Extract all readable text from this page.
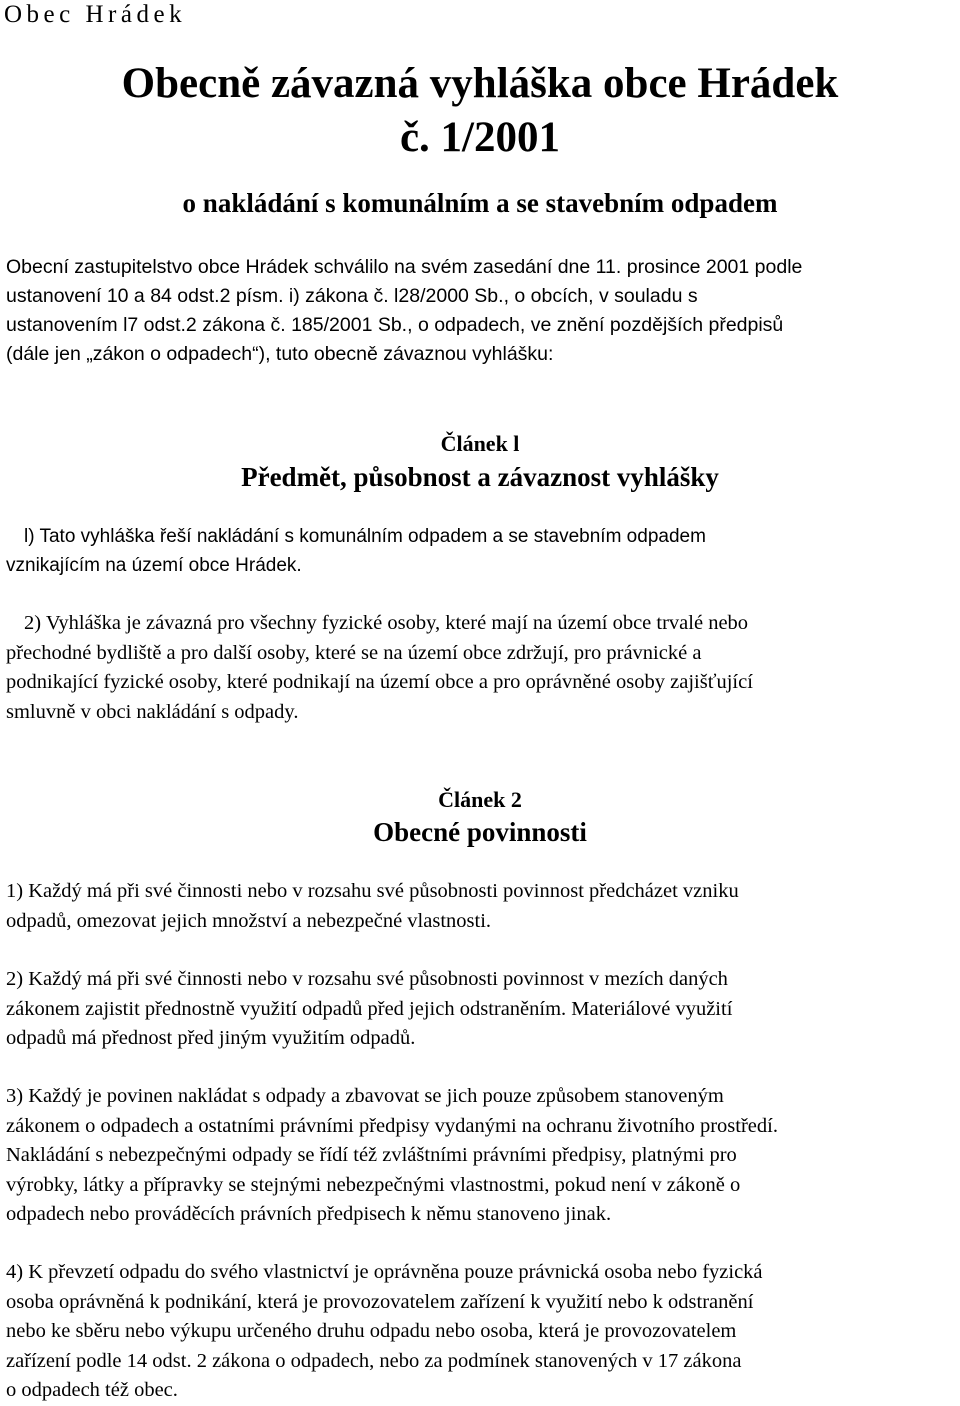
Obec Hrádek
Obecně závazná vyhláška obce Hrádek
č. 1/2001
o nakládání s komunálním a se stavebním odpadem
Obecní zastupitelstvo obce Hrádek schválilo na svém zasedání dne 11. prosince 2001 podle
ustanovení 10 a 84 odst.2 písm. i) zákona č. l28/2000 Sb., o obcích, v souladu s
ustanovením l7 odst.2 zákona č. 185/2001 Sb., o odpadech, ve znění pozdějších předpisů
(dále jen „zákon o odpadech“), tuto obecně závaznou vyhlášku:
Článek l
Předmět, působnost a závaznost vyhlášky
l) Tato vyhláška řeší nakládání s komunálním odpadem a se stavebním odpadem
vznikajícím na území obce Hrádek.
2) Vyhláška je závazná pro všechny fyzické osoby, které mají na území obce trvalé nebo
přechodné bydliště a pro další osoby, které se na území obce zdržují, pro právnické a
podnikající fyzické osoby, které podnikají na území obce a pro oprávněné osoby zajišťující
smluvně v obci nakládání s odpady.
Článek 2
Obecné povinnosti
1) Každý má při své činnosti nebo v rozsahu své působnosti povinnost předcházet vzniku
odpadů, omezovat jejich množství a nebezpečné vlastnosti.
2) Každý má při své činnosti nebo v rozsahu své působnosti povinnost v mezích daných
zákonem zajistit přednostně využití odpadů před jejich odstraněním. Materiálové využití
odpadů má přednost před jiným využitím odpadů.
3) Každý je povinen nakládat s odpady a zbavovat se jich pouze způsobem stanoveným
zákonem o odpadech a ostatními právními předpisy vydanými na ochranu životního prostředí.
Nakládání s nebezpečnými odpady se řídí též zvláštními právními předpisy, platnými pro
výrobky, látky a přípravky se stejnými nebezpečnými vlastnostmi, pokud není v zákoně o
odpadech nebo prováděcích právních předpisech k němu stanoveno jinak.
4) K převzetí odpadu do svého vlastnictví je oprávněna pouze právnická osoba nebo fyzická
osoba oprávněná k podnikání, která je provozovatelem zařízení k využití nebo k odstranění
nebo ke sběru nebo výkupu určeného druhu odpadu nebo osoba, která je provozovatelem
zařízení podle 14 odst. 2 zákona o odpadech, nebo za podmínek stanovených v 17 zákona
o odpadech též obec.
